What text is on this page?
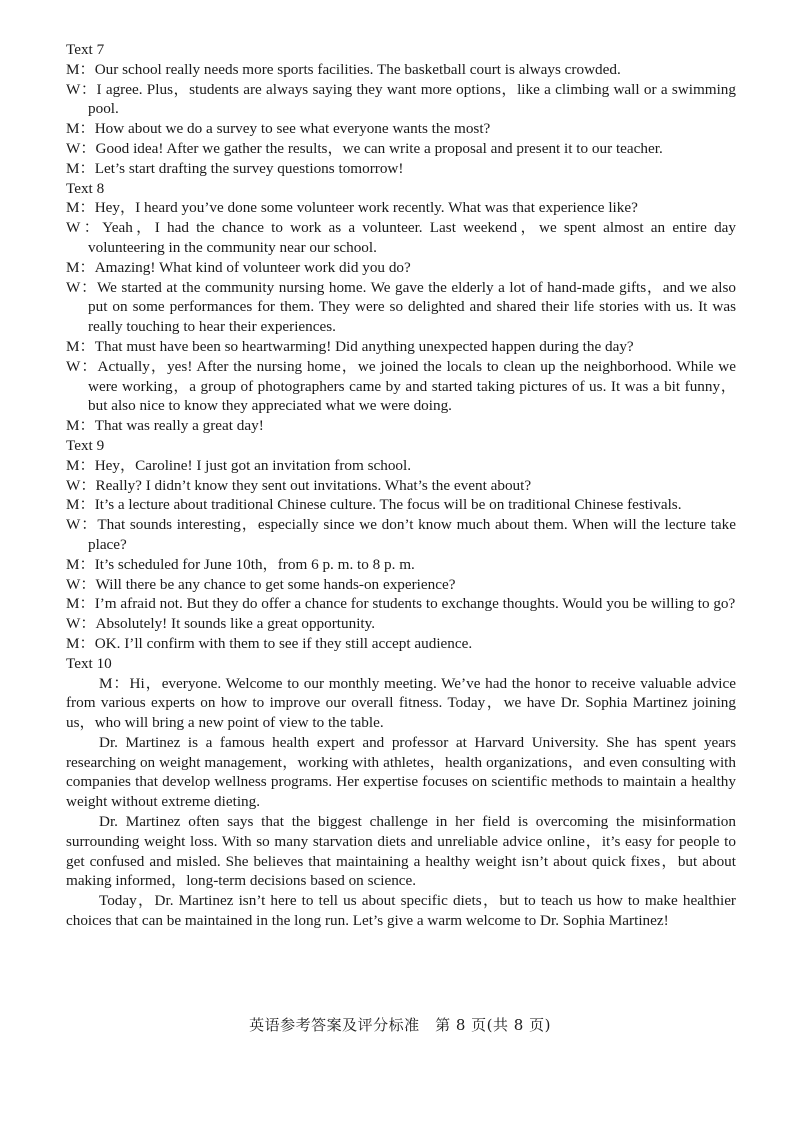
Text 7

M：Our school really needs more sports facilities. The basketball court is always crowded.

W：I agree. Plus，students are always saying they want more options，like a climbing wall or a swimming pool.

M：How about we do a survey to see what everyone wants the most?

W：Good idea! After we gather the results，we can write a proposal and present it to our teacher.

M：Let’s start drafting the survey questions tomorrow!

Text 8

M：Hey，I heard you’ve done some volunteer work recently. What was that experience like?

W：Yeah，I had the chance to work as a volunteer. Last weekend，we spent almost an entire day volunteering in the community near our school.

M：Amazing! What kind of volunteer work did you do?

W：We started at the community nursing home. We gave the elderly a lot of hand-made gifts，and we also put on some performances for them. They were so delighted and shared their life stories with us. It was really touching to hear their experiences.

M：That must have been so heartwarming! Did anything unexpected happen during the day?

W：Actually，yes! After the nursing home，we joined the locals to clean up the neighborhood. While we were working，a group of photographers came by and started taking pictures of us. It was a bit funny，but also nice to know they appreciated what we were doing.

M：That was really a great day!

Text 9

M：Hey，Caroline! I just got an invitation from school.

W：Really? I didn’t know they sent out invitations. What’s the event about?

M：It’s a lecture about traditional Chinese culture. The focus will be on traditional Chinese festivals.

W：That sounds interesting，especially since we don’t know much about them. When will the lecture take place?

M：It’s scheduled for June 10th，from 6 p. m. to 8 p. m.

W：Will there be any chance to get some hands-on experience?

M：I’m afraid not. But they do offer a chance for students to exchange thoughts. Would you be willing to go?

W：Absolutely! It sounds like a great opportunity.

M：OK. I’ll confirm with them to see if they still accept audience.

Text 10

M：Hi，everyone. Welcome to our monthly meeting. We’ve had the honor to receive valuable advice from various experts on how to improve our overall fitness. Today，we have Dr. Sophia Martinez joining us，who will bring a new point of view to the table.

Dr. Martinez is a famous health expert and professor at Harvard University. She has spent years researching on weight management，working with athletes，health organizations，and even consulting with companies that develop wellness programs. Her expertise focuses on scientific methods to maintain a healthy weight without extreme dieting.

Dr. Martinez often says that the biggest challenge in her field is overcoming the misinformation surrounding weight loss. With so many starvation diets and unreliable advice online，it’s easy for people to get confused and misled. She believes that maintaining a healthy weight isn’t about quick fixes，but about making informed，long-term decisions based on science.

Today，Dr. Martinez isn’t here to tell us about specific diets，but to teach us how to make healthier choices that can be maintained in the long run. Let’s give a warm welcome to Dr. Sophia Martinez!

英语参考答案及评分标准　第 8 页(共 8 页)
